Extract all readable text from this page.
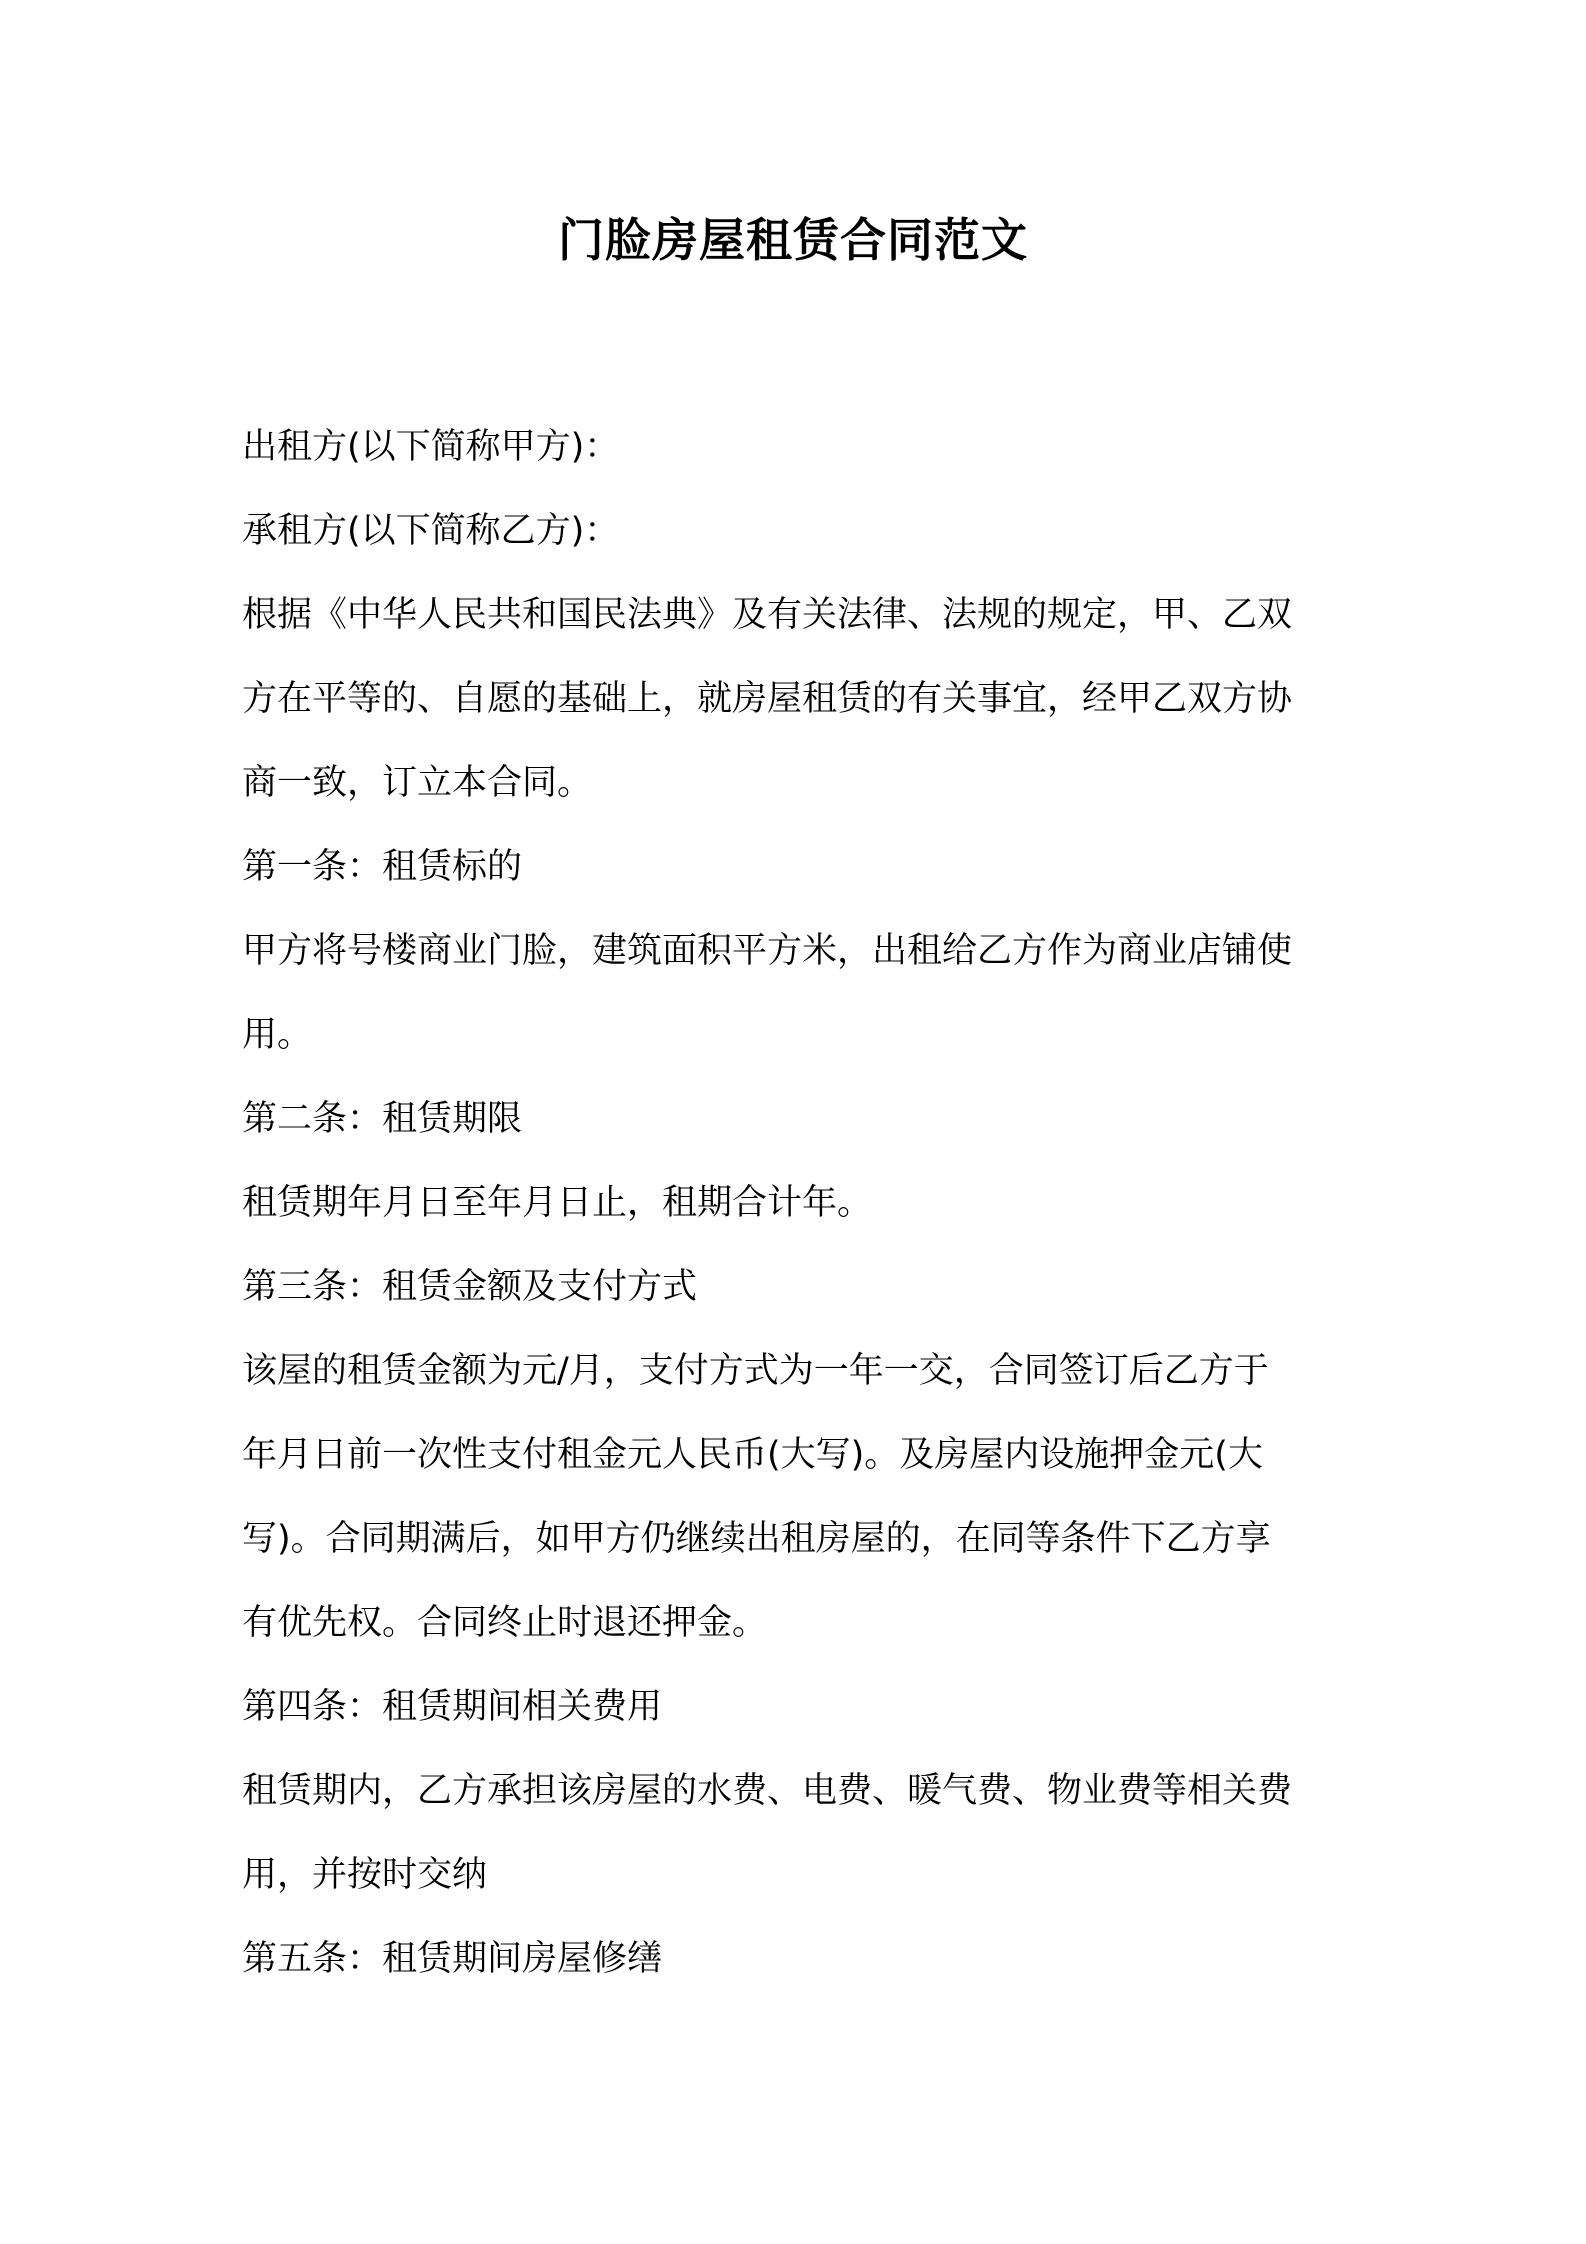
门脸房屋租赁合同范文
出租方(以下简称甲方)：
承租方(以下简称乙方)：
根据《中华人民共和国民法典》及有关法律、法规的规定，甲、乙双
方在平等的、自愿的基础上，就房屋租赁的有关事宜，经甲乙双方协
商一致，订立本合同。
第一条：租赁标的
甲方将号楼商业门脸，建筑面积平方米，出租给乙方作为商业店铺使
用。
第二条：租赁期限
租赁期年月日至年月日止，租期合计年。
第三条：租赁金额及支付方式
该屋的租赁金额为元/月，支付方式为一年一交，合同签订后乙方于
年月日前一次性支付租金元人民币(大写)。及房屋内设施押金元(大
写)。合同期满后，如甲方仍继续出租房屋的，在同等条件下乙方享
有优先权。合同终止时退还押金。
第四条：租赁期间相关费用
租赁期内，乙方承担该房屋的水费、电费、暖气费、物业费等相关费
用，并按时交纳
第五条：租赁期间房屋修缮
